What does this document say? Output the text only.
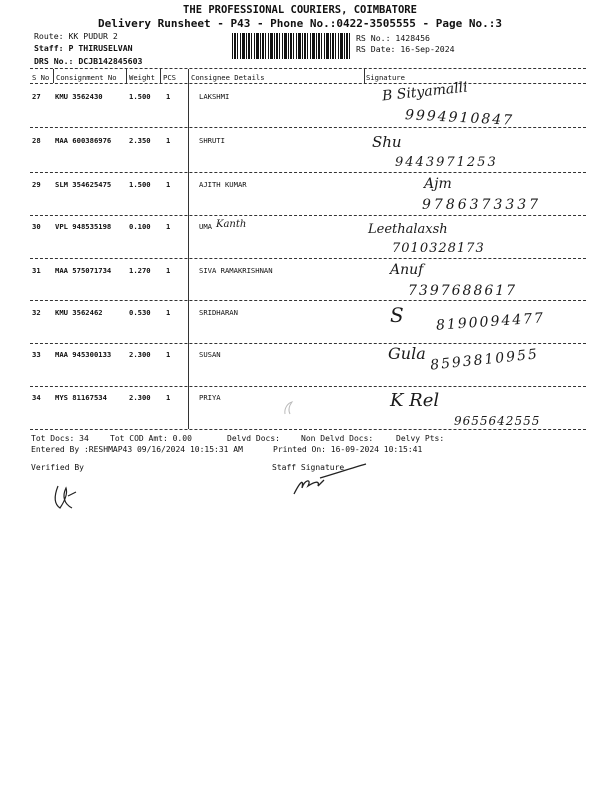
THE PROFESSIONAL COURIERS, COIMBATORE
Delivery Runsheet - P43 - Phone No.:0422-3505555 - Page No.:3
Route: KK PUDUR 2
Staff: P THIRUSELVAN
DRS No.: DCJB142845603
RS No.: 1428456
RS Date: 16-Sep-2024
S No Consignment No Weight PCS Consignee Details	Signature
27 KMU 3562430	1.500 1	LAKSHMI	B Sityamalli
9994910847
28 MAA 600386976 2.350 1	SHRUTI	Shu
9443971253
29 SLM 354625475 1.500 1	AJITH KUMAR	Ajm
9786373337
30 VPL 948535198 0.100 1	UMA Kanth	Leethalaxsh
7010328173
31 MAA 575071734 1.270 1	SIVA RAMAKRISHNAN	Anuf
7397688617
32 KMU 3562462	0.530 1	SRIDHARAN	S 8190094477
33 MAA 945300133 2.300 1	SUSAN	Gula 8593810955
34 MYS 81167534	2.300 1	PRIYA	K Rel
9655642555
Tot Docs: 34	Tot COD Amt: 0.00	Delvd Docs:	Non Delvd Docs:	Delvy Pts:
Entered By :RESHMAP43 09/16/2024 10:15:31 AM	Printed On: 16-09-2024 10:15:41
Verified By	Staff Signature
